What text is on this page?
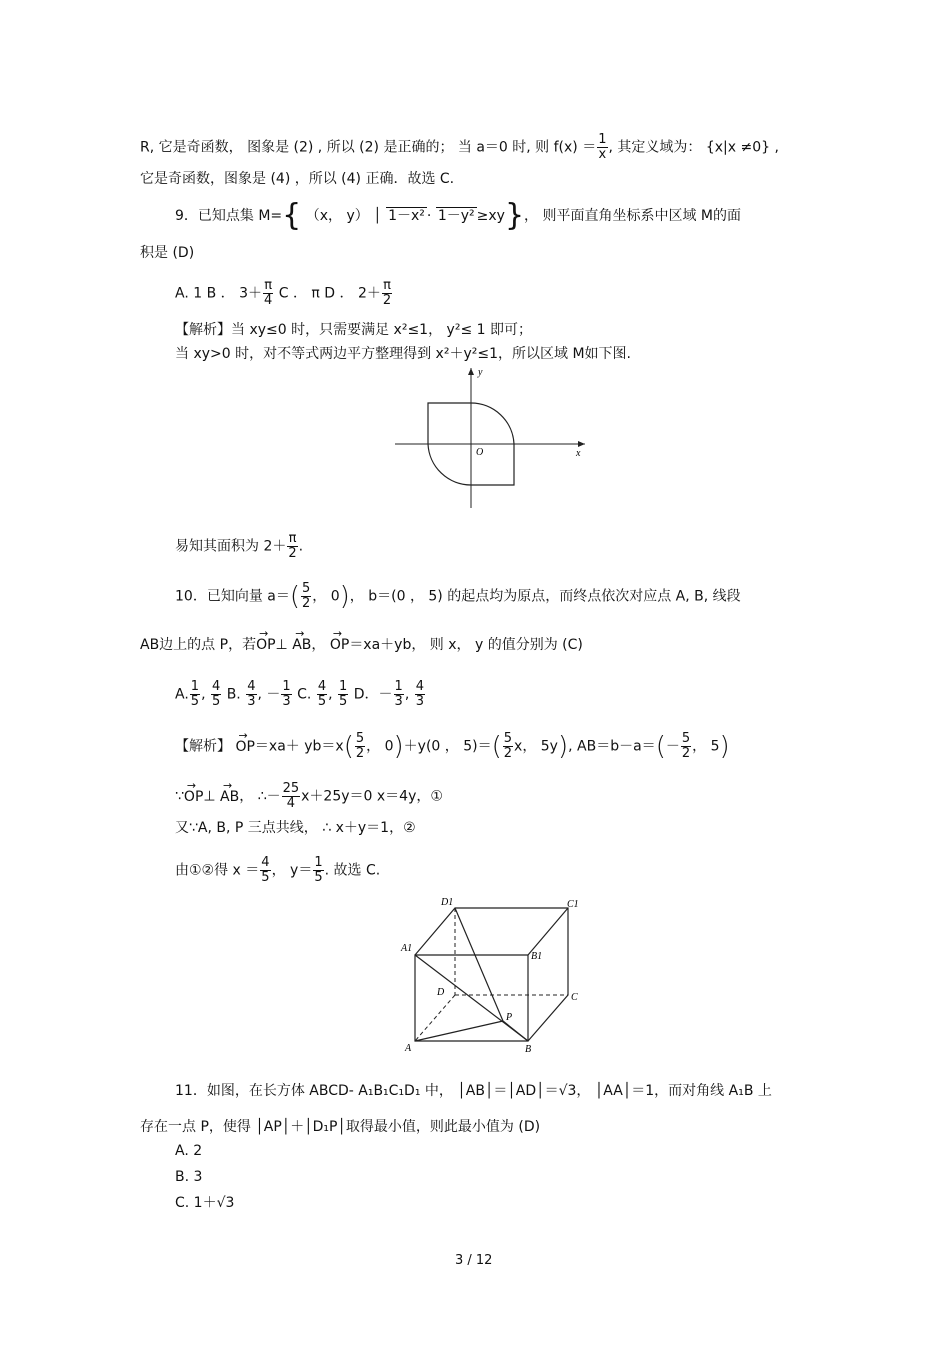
R, 它是奇函数， 图象是 (2) , 所以 (2) 是正确的； 当 a＝0 时, 则 $f(x) = \frac{1}{x}$ , 其定义域为： {x|x ≠0} ,
它是奇函数，图象是 (4) ，所以 (4) 正确．故选 C.
9．已知点集 M={ （x， y） │ 1－x² · 1－y² ≥xy}， 则平面直角坐标系中区域 M的面
积是 (D)
A. 1 B ． $3+ \frac{\pi}{4}$ C ． π D ． $2+ \frac{\pi}{2}$
【解析】当 xy≤0 时，只需要满足 x²≤1， y²≤ 1 即可；
当 xy>0 时，对不等式两边平方整理得到 x²＋y²≤1，所以区域 M如下图.
x
y
O
易知其面积为 $2+ \frac{\pi}{2}$ .
10．已知向量 $a=( \frac{5}{2}$ ， 0)， b＝(0 ， 5) 的起点均为原点，而终点依次对应点 A, B, 线段
AB边上的点 P，若→ OP⊥ → AB， → OP＝xa＋yb， 则 x， y 的值分别为 (C)
A. $\frac{1}{5}$ , $\frac{4}{5} B$. $\frac{4}{3}$ , － $\frac{1}{3} C$. $\frac{4}{5}$ , $\frac{1}{5}$ D．－ $\frac{1}{3}$ , $\frac{4}{3}$
【解析】 → $OP=xa+ yb=x( \frac{5}{2}$ ， 0)＋y(0 ， $5)=( \frac{5}{2}$ x， 5y), $AB=b-a=(- \frac{5}{2}$ ， 5)
∵→ OP⊥ → AB， ∴－ $\frac{25}{4} x+25y=0$ x＝4y，①
又∵A, B, P 三点共线， ∴ x＋y＝1，②
由①②得 $x = \frac{4}{5}$ ， $y= \frac{1}{5}$ . 故选 C.
A	B
C
D
A1
B1
C1
D1
P
11．如图，在长方体 ABCD- A₁B₁C₁D₁ 中， │AB│＝│AD│＝√3， │AA│＝1，而对角线 A₁B 上
存在一点 P，使得 │AP│＋│D₁P│取得最小值，则此最小值为 (D)
A. 2
B. 3
C. 1＋√3
3 / 12
